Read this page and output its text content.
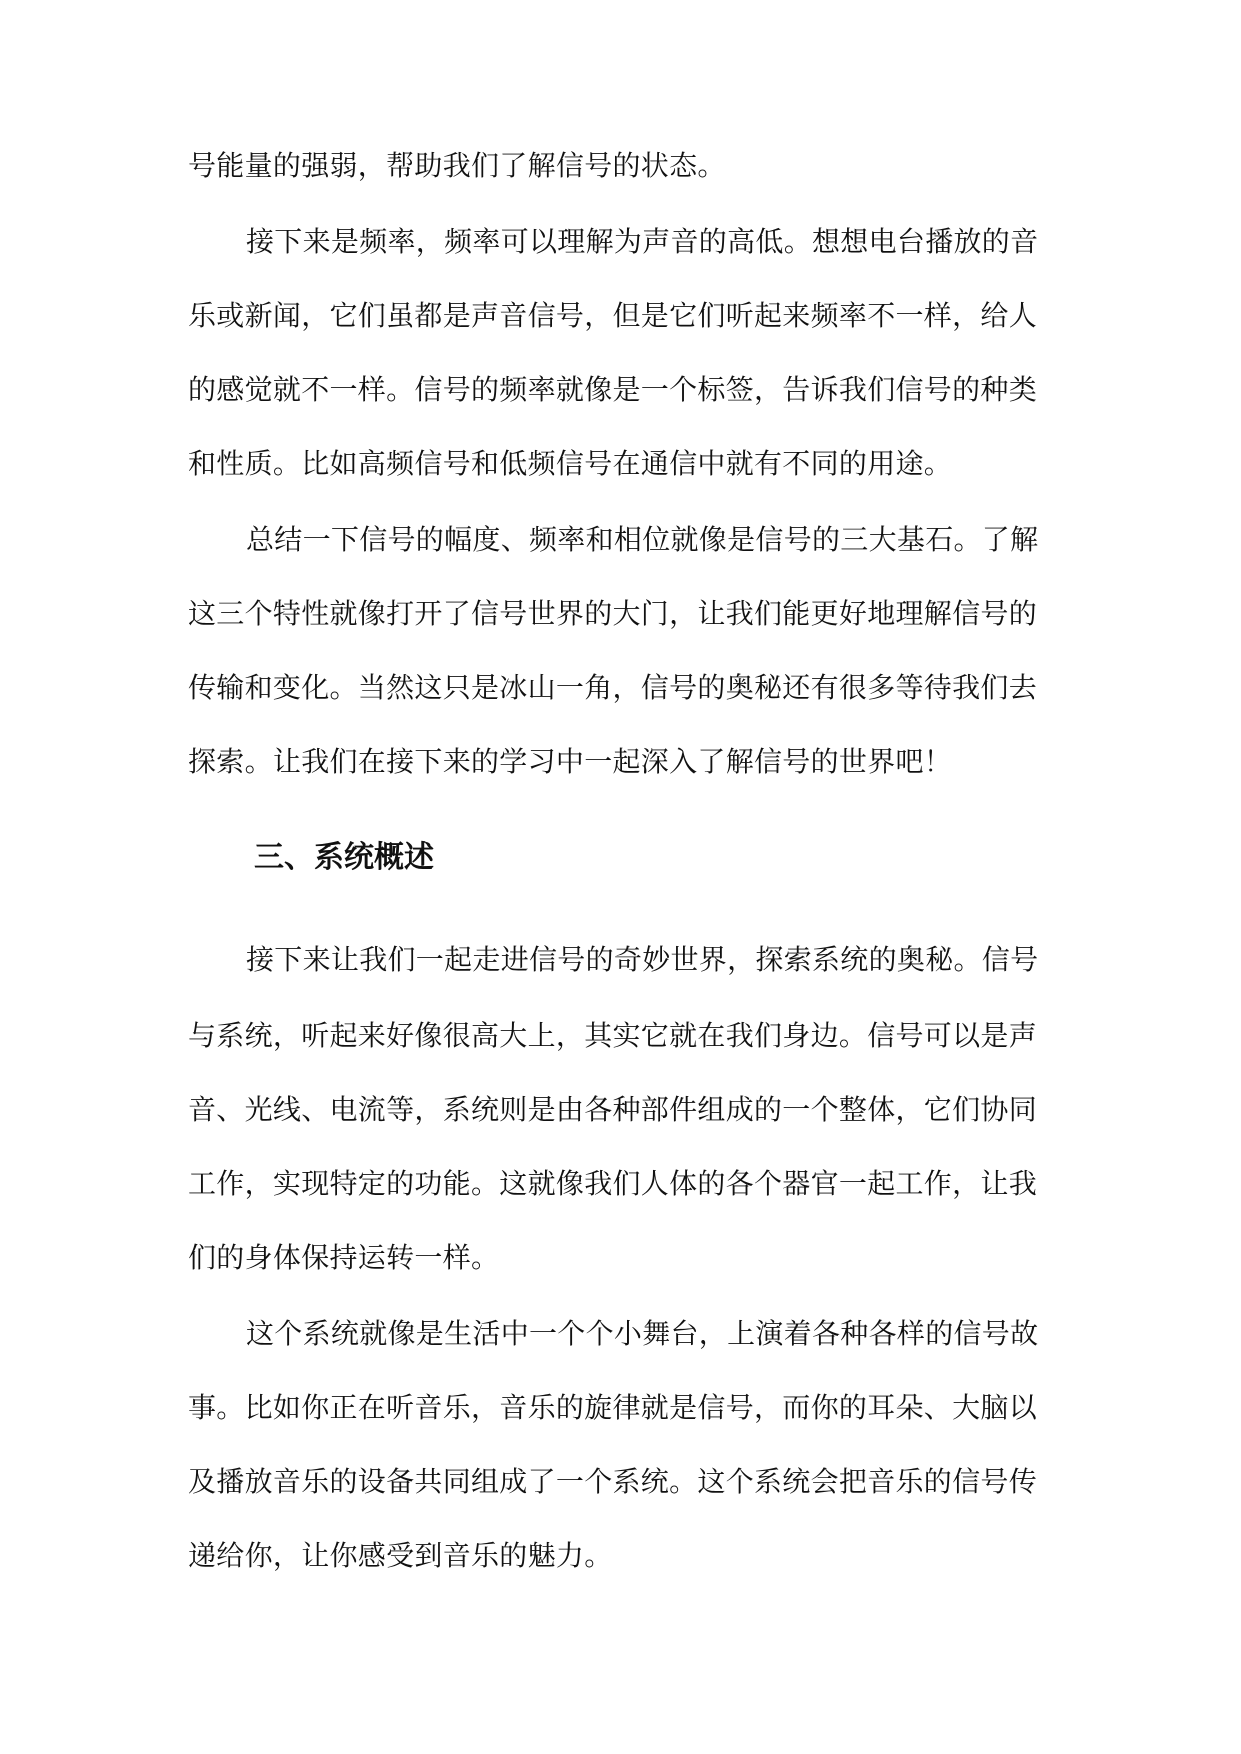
号能量的强弱，帮助我们了解信号的状态。
接下来是频率，频率可以理解为声音的高低。想想电台播放的音
乐或新闻，它们虽都是声音信号，但是它们听起来频率不一样，给人
的感觉就不一样。信号的频率就像是一个标签，告诉我们信号的种类
和性质。比如高频信号和低频信号在通信中就有不同的用途。
总结一下信号的幅度、频率和相位就像是信号的三大基石。了解
这三个特性就像打开了信号世界的大门，让我们能更好地理解信号的
传输和变化。当然这只是冰山一角，信号的奥秘还有很多等待我们去
探索。让我们在接下来的学习中一起深入了解信号的世界吧！
三、系统概述
接下来让我们一起走进信号的奇妙世界，探索系统的奥秘。信号
与系统，听起来好像很高大上，其实它就在我们身边。信号可以是声
音、光线、电流等，系统则是由各种部件组成的一个整体，它们协同
工作，实现特定的功能。这就像我们人体的各个器官一起工作，让我
们的身体保持运转一样。
这个系统就像是生活中一个个小舞台，上演着各种各样的信号故
事。比如你正在听音乐，音乐的旋律就是信号，而你的耳朵、大脑以
及播放音乐的设备共同组成了一个系统。这个系统会把音乐的信号传
递给你，让你感受到音乐的魅力。
